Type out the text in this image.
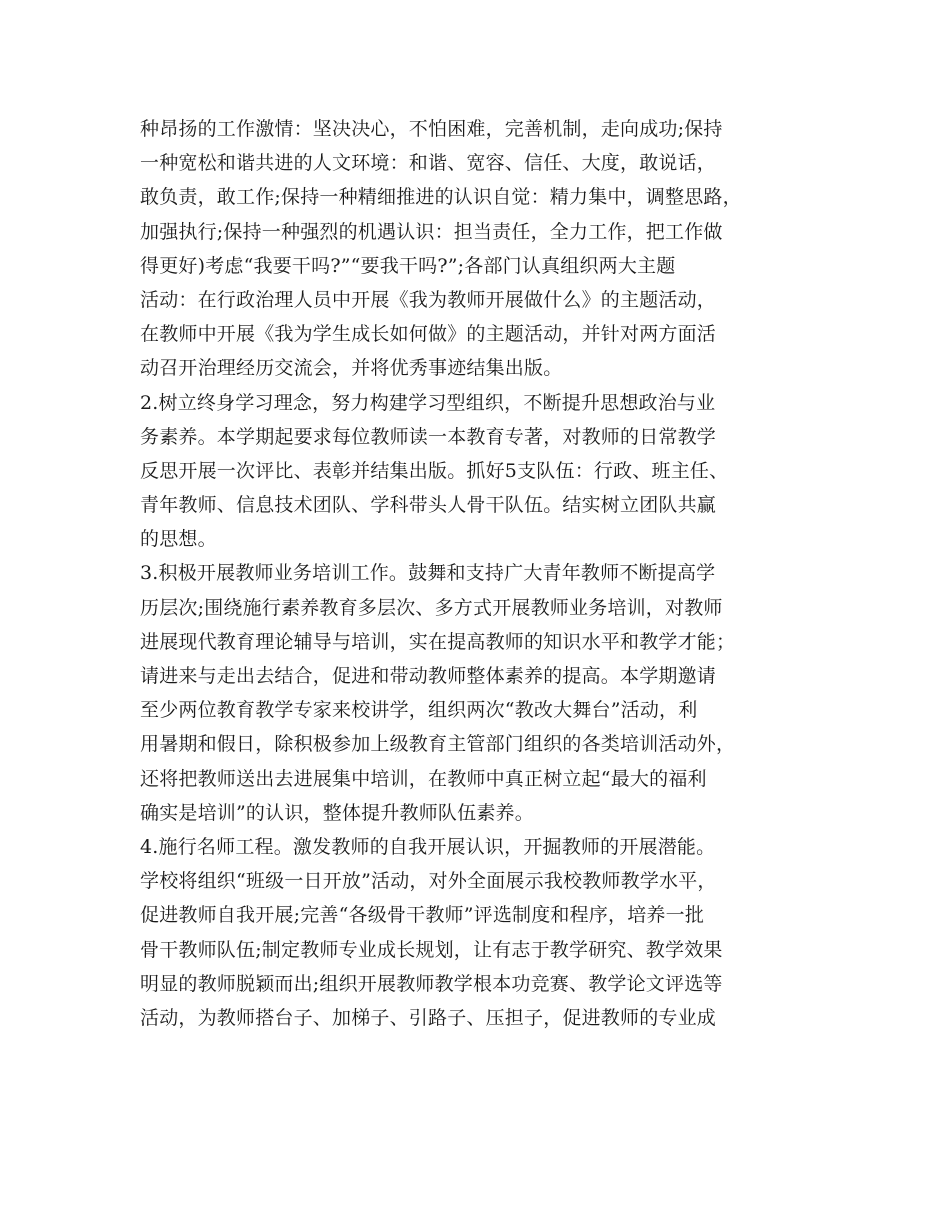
种昂扬的工作激情：坚决决心，不怕困难，完善机制，走向成功;保持
一种宽松和谐共进的人文环境：和谐、宽容、信任、大度，敢说话，
敢负责，敢工作;保持一种精细推进的认识自觉：精力集中，调整思路，
加强执行;保持一种强烈的机遇认识：担当责任，全力工作，把工作做
得更好)考虑“我要干吗?”“要我干吗?”;各部门认真组织两大主题
活动：在行政治理人员中开展《我为教师开展做什么》的主题活动，
在教师中开展《我为学生成长如何做》的主题活动，并针对两方面活
动召开治理经历交流会，并将优秀事迹结集出版。
2.树立终身学习理念，努力构建学习型组织，不断提升思想政治与业
务素养。本学期起要求每位教师读一本教育专著，对教师的日常教学
反思开展一次评比、表彰并结集出版。抓好5支队伍：行政、班主任、
青年教师、信息技术团队、学科带头人骨干队伍。结实树立团队共赢
的思想。
3.积极开展教师业务培训工作。鼓舞和支持广大青年教师不断提高学
历层次;围绕施行素养教育多层次、多方式开展教师业务培训，对教师
进展现代教育理论辅导与培训，实在提高教师的知识水平和教学才能；
请进来与走出去结合，促进和带动教师整体素养的提高。本学期邀请
至少两位教育教学专家来校讲学，组织两次“教改大舞台”活动，利
用暑期和假日，除积极参加上级教育主管部门组织的各类培训活动外，
还将把教师送出去进展集中培训，在教师中真正树立起“最大的福利
确实是培训”的认识，整体提升教师队伍素养。
4.施行名师工程。激发教师的自我开展认识，开掘教师的开展潜能。
学校将组织“班级一日开放”活动，对外全面展示我校教师教学水平，
促进教师自我开展;完善“各级骨干教师”评选制度和程序，培养一批
骨干教师队伍;制定教师专业成长规划，让有志于教学研究、教学效果
明显的教师脱颖而出;组织开展教师教学根本功竞赛、教学论文评选等
活动，为教师搭台子、加梯子、引路子、压担子，促进教师的专业成
